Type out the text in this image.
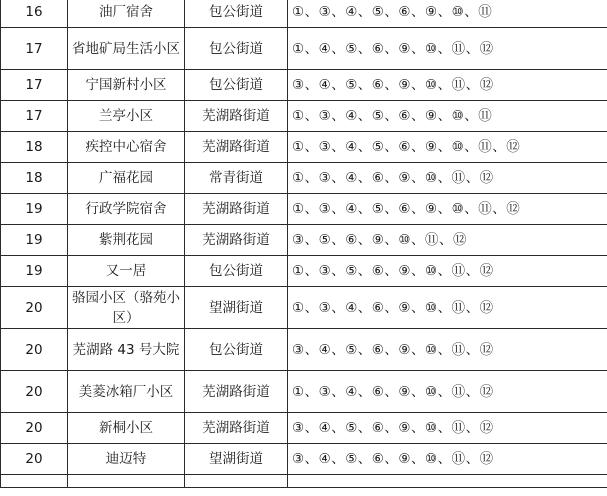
16	油厂宿舍	包公街道	①、③、④、⑤、⑥、⑨、⑩、⑪
17	省地矿局生活小区	包公街道	①、④、⑤、⑥、⑨、⑩、⑪、⑫
17	宁国新村小区	包公街道	③、④、⑤、⑥、⑨、⑩、⑪、⑫
17	兰亭小区	芜湖路街道	①、③、④、⑤、⑥、⑨、⑩、⑪
18	疾控中心宿舍	芜湖路街道	①、③、④、⑤、⑥、⑨、⑩、⑪、⑫
18	广福花园	常青街道	①、③、④、⑥、⑨、⑩、⑪、⑫
19	行政学院宿舍	芜湖路街道	①、③、④、⑤、⑥、⑨、⑩、⑪、⑫
19	紫荆花园	芜湖路街道	③、⑤、⑥、⑨、⑩、⑪、⑫
19	又一居	包公街道	①、③、⑤、⑥、⑨、⑩、⑪、⑫
20	骆园小区（骆苑小区）	望湖街道	①、③、④、⑥、⑨、⑩、⑪、⑫
20	芜湖路 43 号大院	包公街道	③、④、⑤、⑥、⑨、⑩、⑪、⑫
20	美菱冰箱厂小区	芜湖路街道	①、③、④、⑥、⑨、⑩、⑪、⑫
20	新桐小区	芜湖路街道	③、④、⑤、⑥、⑨、⑩、⑪、⑫
20	迪迈特	望湖街道	③、④、⑤、⑥、⑨、⑩、⑪、⑫
